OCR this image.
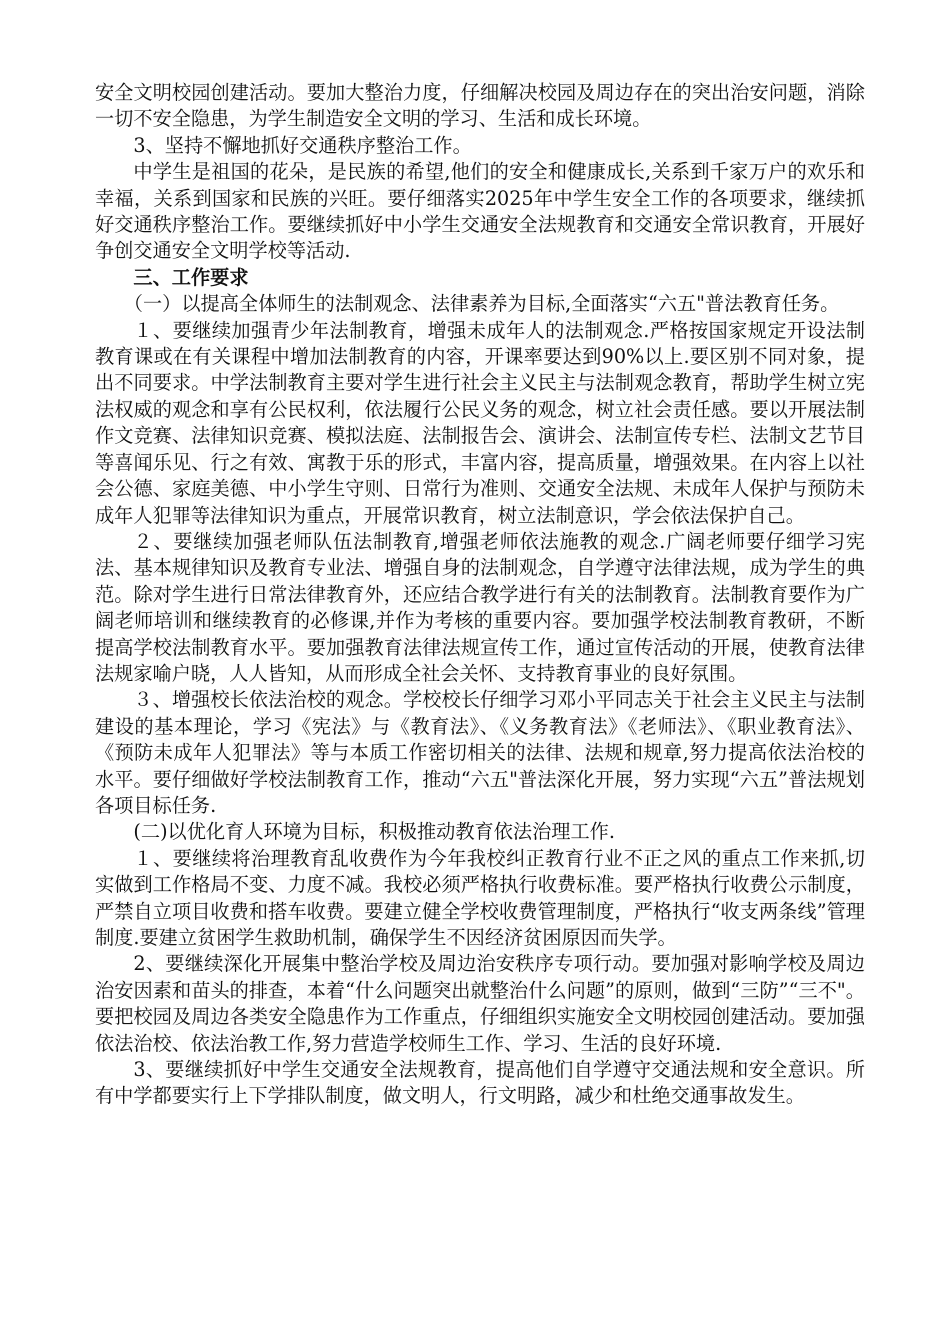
安全文明校园创建活动。要加大整治力度，仔细解决校园及周边存在的突出治安问题，消除一切不安全隐患，为学生制造安全文明的学习、生活和成长环境。

3、坚持不懈地抓好交通秩序整治工作。

中学生是祖国的花朵，是民族的希望,他们的安全和健康成长,关系到千家万户的欢乐和幸福，关系到国家和民族的兴旺。要仔细落实2025年中学生安全工作的各项要求，继续抓好交通秩序整治工作。要继续抓好中小学生交通安全法规教育和交通安全常识教育，开展好争创交通安全文明学校等活动.

三、工作要求

（一）以提高全体师生的法制观念、法律素养为目标,全面落实“六五"普法教育任务。

１、要继续加强青少年法制教育，增强未成年人的法制观念.严格按国家规定开设法制教育课或在有关课程中增加法制教育的内容，开课率要达到90%以上.要区别不同对象，提出不同要求。中学法制教育主要对学生进行社会主义民主与法制观念教育，帮助学生树立宪法权威的观念和享有公民权利，依法履行公民义务的观念，树立社会责任感。要以开展法制作文竞赛、法律知识竞赛、模拟法庭、法制报告会、演讲会、法制宣传专栏、法制文艺节目等喜闻乐见、行之有效、寓教于乐的形式，丰富内容，提高质量，增强效果。在内容上以社会公德、家庭美德、中小学生守则、日常行为准则、交通安全法规、未成年人保护与预防未成年人犯罪等法律知识为重点，开展常识教育，树立法制意识，学会依法保护自己。

２、要继续加强老师队伍法制教育,增强老师依法施教的观念.广阔老师要仔细学习宪法、基本规律知识及教育专业法、增强自身的法制观念，自学遵守法律法规，成为学生的典范。除对学生进行日常法律教育外，还应结合教学进行有关的法制教育。法制教育要作为广阔老师培训和继续教育的必修课,并作为考核的重要内容。要加强学校法制教育教研，不断提高学校法制教育水平。要加强教育法律法规宣传工作，通过宣传活动的开展，使教育法律法规家喻户晓，人人皆知，从而形成全社会关怀、支持教育事业的良好氛围。

３、增强校长依法治校的观念。学校校长仔细学习邓小平同志关于社会主义民主与法制建设的基本理论，学习《宪法》与《教育法》、《义务教育法》《老师法》、《职业教育法》、《预防未成年人犯罪法》等与本质工作密切相关的法律、法规和规章,努力提高依法治校的水平。要仔细做好学校法制教育工作，推动“六五"普法深化开展，努力实现“六五”普法规划各项目标任务.

(二)以优化育人环境为目标，积极推动教育依法治理工作.

１、要继续将治理教育乱收费作为今年我校纠正教育行业不正之风的重点工作来抓,切实做到工作格局不变、力度不减。我校必须严格执行收费标准。要严格执行收费公示制度，严禁自立项目收费和搭车收费。要建立健全学校收费管理制度，严格执行“收支两条线”管理制度.要建立贫困学生救助机制，确保学生不因经济贫困原因而失学。

2、要继续深化开展集中整治学校及周边治安秩序专项行动。要加强对影响学校及周边治安因素和苗头的排查，本着“什么问题突出就整治什么问题”的原则，做到“三防”“三不"。要把校园及周边各类安全隐患作为工作重点，仔细组织实施安全文明校园创建活动。要加强依法治校、依法治教工作,努力营造学校师生工作、学习、生活的良好环境.

3、要继续抓好中学生交通安全法规教育，提高他们自学遵守交通法规和安全意识。所有中学都要实行上下学排队制度，做文明人，行文明路，减少和杜绝交通事故发生。
